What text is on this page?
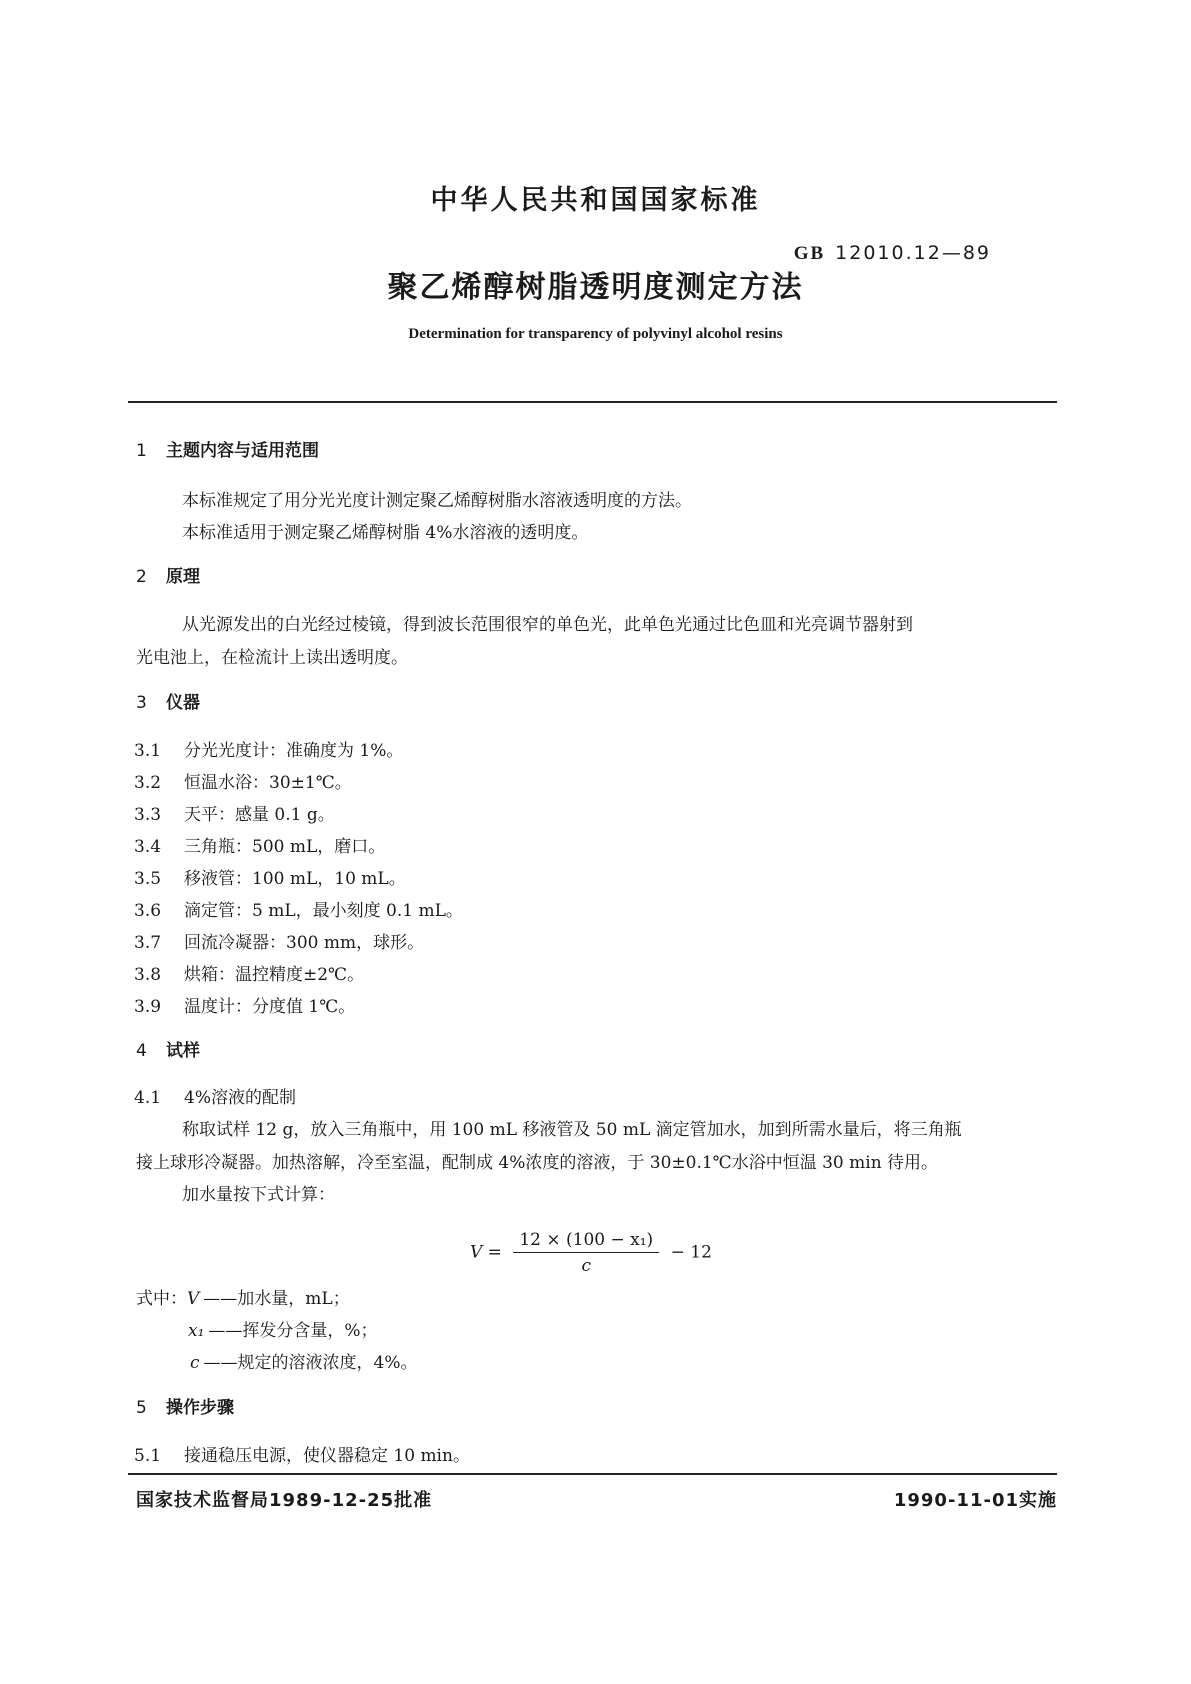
中华人民共和国国家标准
GB 12010.12—89
聚乙烯醇树脂透明度测定方法
Determination for transparency of polyvinyl alcohol resins
1 主题内容与适用范围
本标准规定了用分光光度计测定聚乙烯醇树脂水溶液透明度的方法。
本标准适用于测定聚乙烯醇树脂 4%水溶液的透明度。
2 原理
从光源发出的白光经过棱镜，得到波长范围很窄的单色光，此单色光通过比色皿和光亮调节器射到
光电池上，在检流计上读出透明度。
3 仪器
3.1 分光光度计：准确度为 1%。
3.2 恒温水浴：30±1℃。
3.3 天平：感量 0.1 g。
3.4 三角瓶：500 mL，磨口。
3.5 移液管：100 mL，10 mL。
3.6 滴定管：5 mL，最小刻度 0.1 mL。
3.7 回流冷凝器：300 mm，球形。
3.8 烘箱：温控精度±2℃。
3.9 温度计：分度值 1℃。
4 试样
4.1 4%溶液的配制
称取试样 12 g，放入三角瓶中，用 100 mL 移液管及 50 mL 滴定管加水，加到所需水量后，将三角瓶
接上球形冷凝器。加热溶解，冷至室温，配制成 4%浓度的溶液，于 30±0.1℃水浴中恒温 30 min 待用。
加水量按下式计算：
$V = \frac{\text{12 × (100 − x₁)}}{c} - 12$
式中：V ——加水量，mL；
x₁ ——挥发分含量，%；
c ——规定的溶液浓度，4%。
5 操作步骤
5.1 接通稳压电源，使仪器稳定 10 min。
国家技术监督局1989-12-25批准	1990-11-01实施
